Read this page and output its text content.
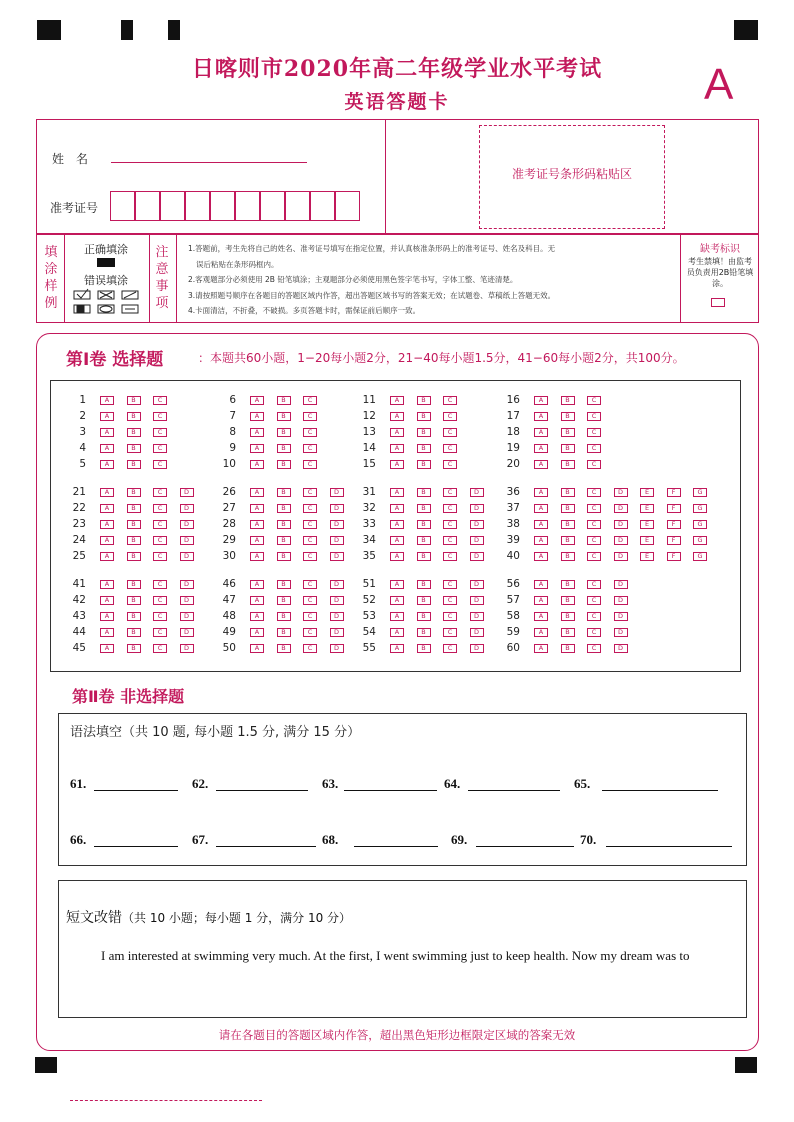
日喀则市2020年高二年级学业水平考试
英语答题卡	A
姓　名
准考证号
准考证号条形码粘贴区
填
涂
样
例
正确填涂
错误填涂
注
意
事
项
1.答题前，考生先将自己的姓名、准考证号填写在指定位置，并认真核准条形码上的准考证号、姓名及科目。无
误后粘贴在条形码框内。
2.客观题部分必须使用 2B 铅笔填涂；主观题部分必须使用黑色签字笔书写，字体工整、笔迹清楚。
3.请按照题号顺序在各题目的答题区域内作答，超出答题区域书写的答案无效；在试题卷、草稿纸上答题无效。
4.卡面清洁，不折叠，不破损。多页答题卡时，需保证前后顺序一致。
缺考标识
考生禁填！由监考员负责用2B铅笔填涂。
第Ⅰ卷 选择题	：本题共60小题，1−20每小题2分，21−40每小题1.5分，41−60每小题2分，共100分。
1	A	B	C
2	A	B	C
3	A	B	C
4	A	B	C
5	A	B	C
6	A	B	C
7	A	B	C
8	A	B	C
9	A	B	C
10	A	B	C
11	A	B	C
12	A	B	C
13	A	B	C
14	A	B	C
15	A	B	C
16	A	B	C
17	A	B	C
18	A	B	C
19	A	B	C
20	A	B	C
21	A	B	C	D
22	A	B	C	D
23	A	B	C	D
24	A	B	C	D
25	A	B	C	D
26	A	B	C	D
27	A	B	C	D
28	A	B	C	D
29	A	B	C	D
30	A	B	C	D
31	A	B	C	D
32	A	B	C	D
33	A	B	C	D
34	A	B	C	D
35	A	B	C	D
36	A	B	C	D	E	F	G
37	A	B	C	D	E	F	G
38	A	B	C	D	E	F	G
39	A	B	C	D	E	F	G
40	A	B	C	D	E	F	G
41	A	B	C	D
42	A	B	C	D
43	A	B	C	D
44	A	B	C	D
45	A	B	C	D
46	A	B	C	D
47	A	B	C	D
48	A	B	C	D
49	A	B	C	D
50	A	B	C	D
51	A	B	C	D
52	A	B	C	D
53	A	B	C	D
54	A	B	C	D
55	A	B	C	D
56	A	B	C	D
57	A	B	C	D
58	A	B	C	D
59	A	B	C	D
60	A	B	C	D
第Ⅱ卷 非选择题
语法填空（共 10 题, 每小题 1.5 分, 满分 15 分）
61.	62.	63.	64.	65.
66.	67.	68.	69.	70.
短文改错（共 10 小题；每小题 1 分，满分 10 分）
I am interested at swimming very much. At the first, I went swimming just to keep health. Now my dream was to
请在各题目的答题区域内作答，超出黑色矩形边框限定区域的答案无效
